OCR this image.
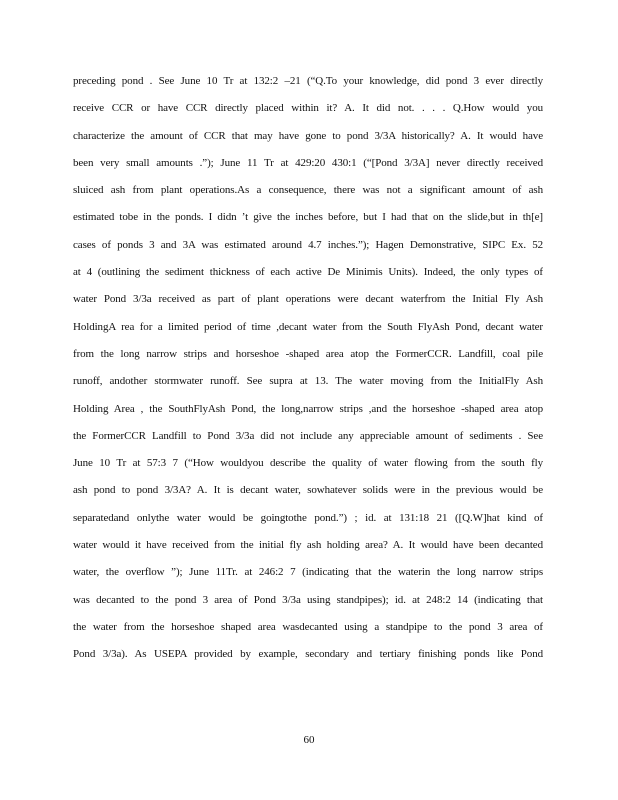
preceding pond . See June 10 Tr at 132:2 –21 (“Q.To your knowledge, did pond 3 ever directly
receive CCR or have CCR directly placed within it? A. It did not. . . . Q.How would you
characterize the amount of CCR that may have gone to pond 3/3A historically? A. It would have
been very small amounts .”); June 11 Tr at 429:20 430:1 (“[Pond 3/3A] never directly received
sluiced ash from plant operations.As a consequence, there was not a significant amount of ash
estimated tobe in the ponds. I didn ’t give the inches before, but I had that on the slide,but in th[e]
cases of ponds 3 and 3A was estimated around 4.7 inches.”); Hagen Demonstrative, SIPC Ex. 52
at 4 (outlining the sediment thickness of each active De Minimis Units). Indeed, the only types of
water Pond 3/3a received as part of plant operations were decant waterfrom the Initial Fly Ash
HoldingA rea for a limited period of time ,decant water from the South FlyAsh Pond, decant water
from the long narrow strips and horseshoe -shaped area atop the FormerCCR. Landfill, coal pile
runoff, andother stormwater runoff. See supra at 13. The water moving from the InitialFly Ash
Holding Area , the SouthFlyAsh Pond, the long,narrow strips ,and the horseshoe -shaped area atop
the FormerCCR Landfill to Pond 3/3a did not include any appreciable amount of sediments . See
June 10 Tr at 57:3 7 (“How wouldyou describe the quality of water flowing from the south fly
ash pond to pond 3/3A? A. It is decant water, sowhatever solids were in the previous would be
separatedand onlythe water would be goingtothe pond.”) ; id. at 131:18 21 ([Q.W]hat kind of
water would it have received from the initial fly ash holding area? A. It would have been decanted
water, the overflow ”); June 11Tr. at 246:2 7 (indicating that the waterin the long narrow strips
was decanted to the pond 3 area of Pond 3/3a using standpipes); id. at 248:2 14 (indicating that
the water from the horseshoe shaped area wasdecanted using a standpipe to the pond 3 area of
Pond 3/3a). As USEPA provided by example, secondary and tertiary finishing ponds like Pond
60
